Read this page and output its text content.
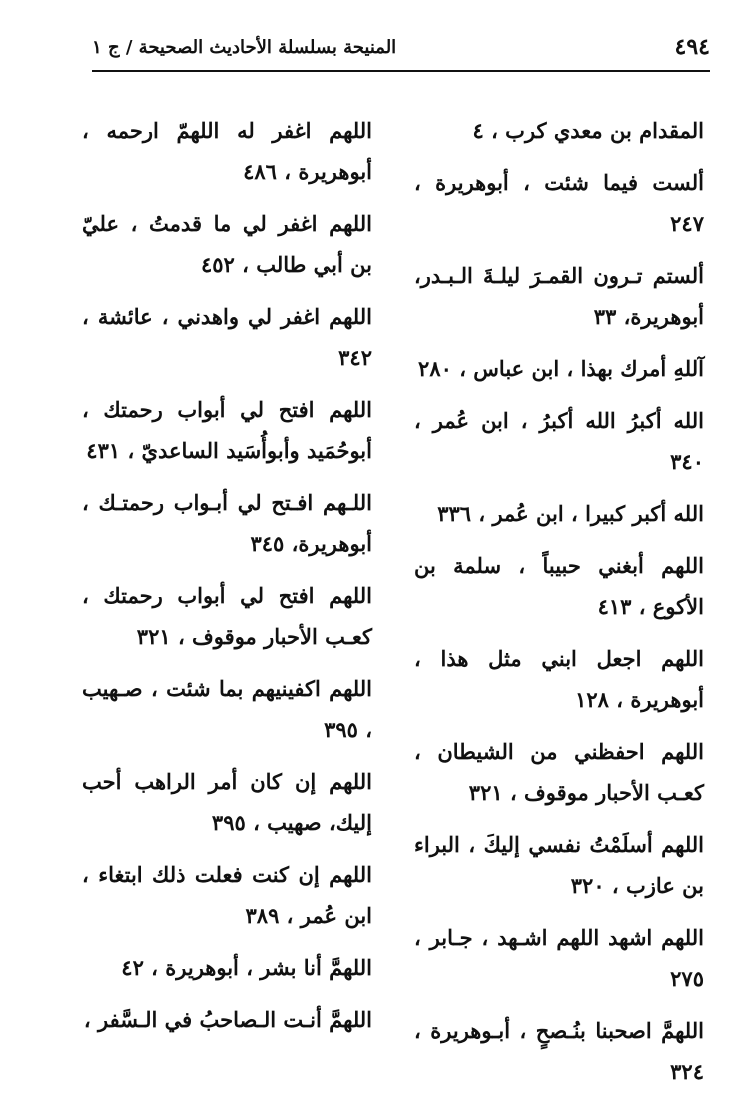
٤٩٤
المنيحة بسلسلة الأحاديث الصحيحة / ج ١

المقدام بن معدي كرب ، ٤

ألست فيما شئت ، أبوهريرة ، ٢٤٧

ألستم تـرون القمـرَ ليلـةَ الـبـدر، أبوهريرة، ٣٣

آللهِ أمرك بهذا ، ابن عباس ، ٢٨٠

الله أكبرُ الله أكبرُ ، ابن عُمر ، ٣٤٠

الله أكبر كبيرا ، ابن عُمر ، ٣٣٦

اللهم أبغني حبيباً ، سلمة بن الأكوع ، ٤١٣

اللهم اجعل ابني مثل هذا ، أبوهريرة ، ١٢٨

اللهم احفظني من الشيطان ، كعـب الأحبار موقوف ، ٣٢١

اللهم أسلَمْتُ نفسي إليكَ ، البراء بن عازب ، ٣٢٠

اللهم اشهد اللهم اشـهد ، جـابر ، ٢٧٥

اللهمَّ اصحبنا بنُـصحٍ ، أبـوهريرة ، ٣٢٤

اللهم اغفر له اللهمّ ارحمه ، أبوهريرة ، ٤٨٦

اللهم اغفر لي ما قدمتُ ، عليّ بن أبي طالب ، ٤٥٢

اللهم اغفر لي واهدني ، عائشة ، ٣٤٢

اللهم افتح لي أبواب رحمتك ، أبوحُمَيد وأبوأُسَيد الساعديّ ، ٤٣١

اللـهم افـتح لي أبـواب رحمتـك ، أبوهريرة، ٣٤٥

اللهم افتح لي أبواب رحمتك ، كعـب الأحبار موقوف ، ٣٢١

اللهم اكفينيهم بما شئت ، صـهيب ، ٣٩٥

اللهم إن كان أمر الراهب أحب إليك، صهيب ، ٣٩٥

اللهم إن كنت فعلت ذلك ابتغاء ، ابن عُمر ، ٣٨٩

اللهمَّ أنا بشر ، أبوهريرة ، ٤٢

اللهمَّ أنـت الـصاحبُ في الـسَّفر ،
